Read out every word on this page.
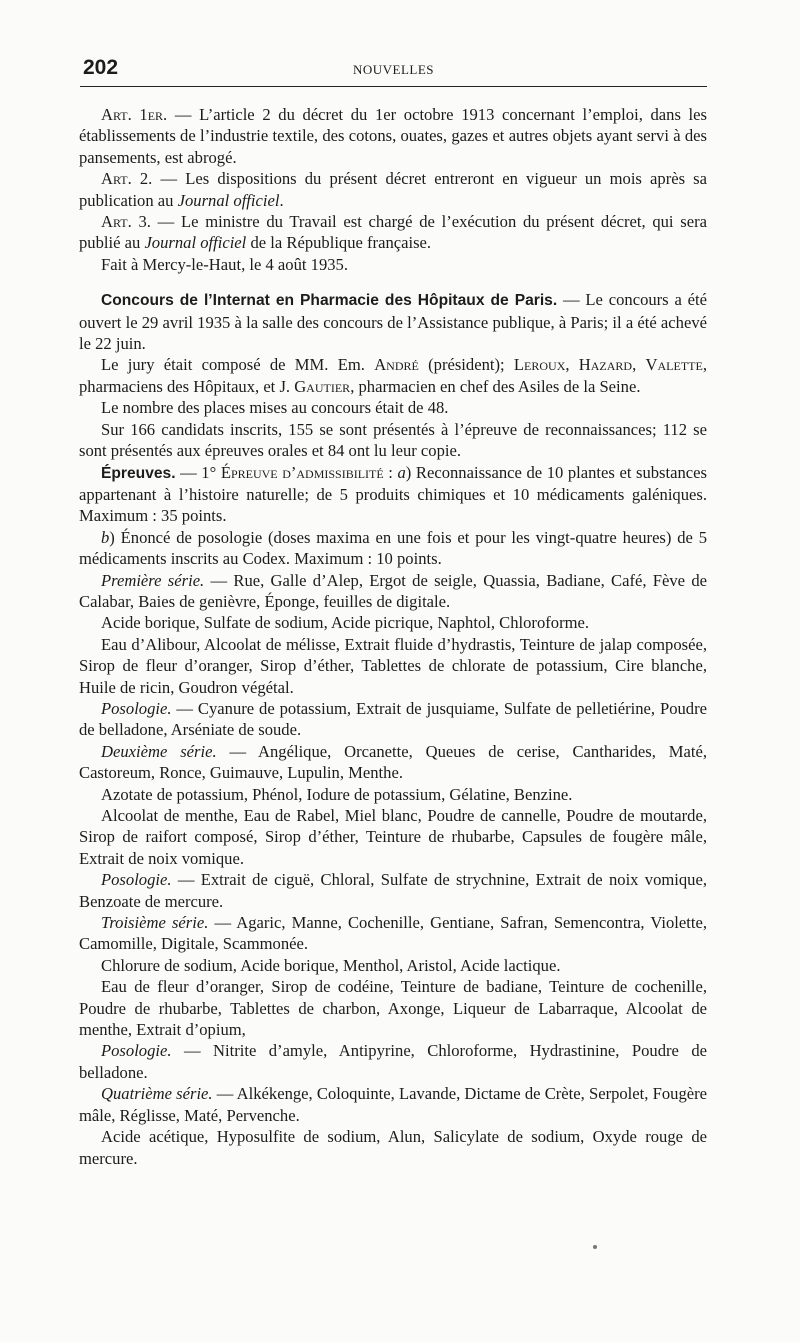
202	NOUVELLES

Art. 1er. — L’article 2 du décret du 1er octobre 1913 concernant l’emploi, dans les établissements de l’industrie textile, des cotons, ouates, gazes et autres objets ayant servi à des pansements, est abrogé.

Art. 2. — Les dispositions du présent décret entreront en vigueur un mois après sa publication au Journal officiel.

Art. 3. — Le ministre du Travail est chargé de l’exécution du présent décret, qui sera publié au Journal officiel de la République française.

Fait à Mercy-le-Haut, le 4 août 1935.

Concours de l’Internat en Pharmacie des Hôpitaux de Paris. — Le concours a été ouvert le 29 avril 1935 à la salle des concours de l’Assistance publique, à Paris; il a été achevé le 22 juin.

Le jury était composé de MM. Em. André (président); Leroux, Hazard, Valette, pharmaciens des Hôpitaux, et J. Gautier, pharmacien en chef des Asiles de la Seine.

Le nombre des places mises au concours était de 48.

Sur 166 candidats inscrits, 155 se sont présentés à l’épreuve de reconnaissances; 112 se sont présentés aux épreuves orales et 84 ont lu leur copie.

Épreuves. — 1° Épreuve d’admissibilité : a) Reconnaissance de 10 plantes et substances appartenant à l’histoire naturelle; de 5 produits chimiques et 10 médicaments galéniques. Maximum : 35 points.

b) Énoncé de posologie (doses maxima en une fois et pour les vingt-quatre heures) de 5 médicaments inscrits au Codex. Maximum : 10 points.

Première série. — Rue, Galle d’Alep, Ergot de seigle, Quassia, Badiane, Café, Fève de Calabar, Baies de genièvre, Éponge, feuilles de digitale.

Acide borique, Sulfate de sodium, Acide picrique, Naphtol, Chloroforme.

Eau d’Alibour, Alcoolat de mélisse, Extrait fluide d’hydrastis, Teinture de jalap composée, Sirop de fleur d’oranger, Sirop d’éther, Tablettes de chlorate de potassium, Cire blanche, Huile de ricin, Goudron végétal.

Posologie. — Cyanure de potassium, Extrait de jusquiame, Sulfate de pelletiérine, Poudre de belladone, Arséniate de soude.

Deuxième série. — Angélique, Orcanette, Queues de cerise, Cantharides, Maté, Castoreum, Ronce, Guimauve, Lupulin, Menthe.

Azotate de potassium, Phénol, Iodure de potassium, Gélatine, Benzine.

Alcoolat de menthe, Eau de Rabel, Miel blanc, Poudre de cannelle, Poudre de moutarde, Sirop de raifort composé, Sirop d’éther, Teinture de rhubarbe, Capsules de fougère mâle, Extrait de noix vomique.

Posologie. — Extrait de ciguë, Chloral, Sulfate de strychnine, Extrait de noix vomique, Benzoate de mercure.

Troisième série. — Agaric, Manne, Cochenille, Gentiane, Safran, Semencontra, Violette, Camomille, Digitale, Scammonée.

Chlorure de sodium, Acide borique, Menthol, Aristol, Acide lactique.

Eau de fleur d’oranger, Sirop de codéine, Teinture de badiane, Teinture de cochenille, Poudre de rhubarbe, Tablettes de charbon, Axonge, Liqueur de Labarraque, Alcoolat de menthe, Extrait d’opium,

Posologie. — Nitrite d’amyle, Antipyrine, Chloroforme, Hydrastinine, Poudre de belladone.

Quatrième série. — Alkékenge, Coloquinte, Lavande, Dictame de Crète, Serpolet, Fougère mâle, Réglisse, Maté, Pervenche.

Acide acétique, Hyposulfite de sodium, Alun, Salicylate de sodium, Oxyde rouge de mercure.
